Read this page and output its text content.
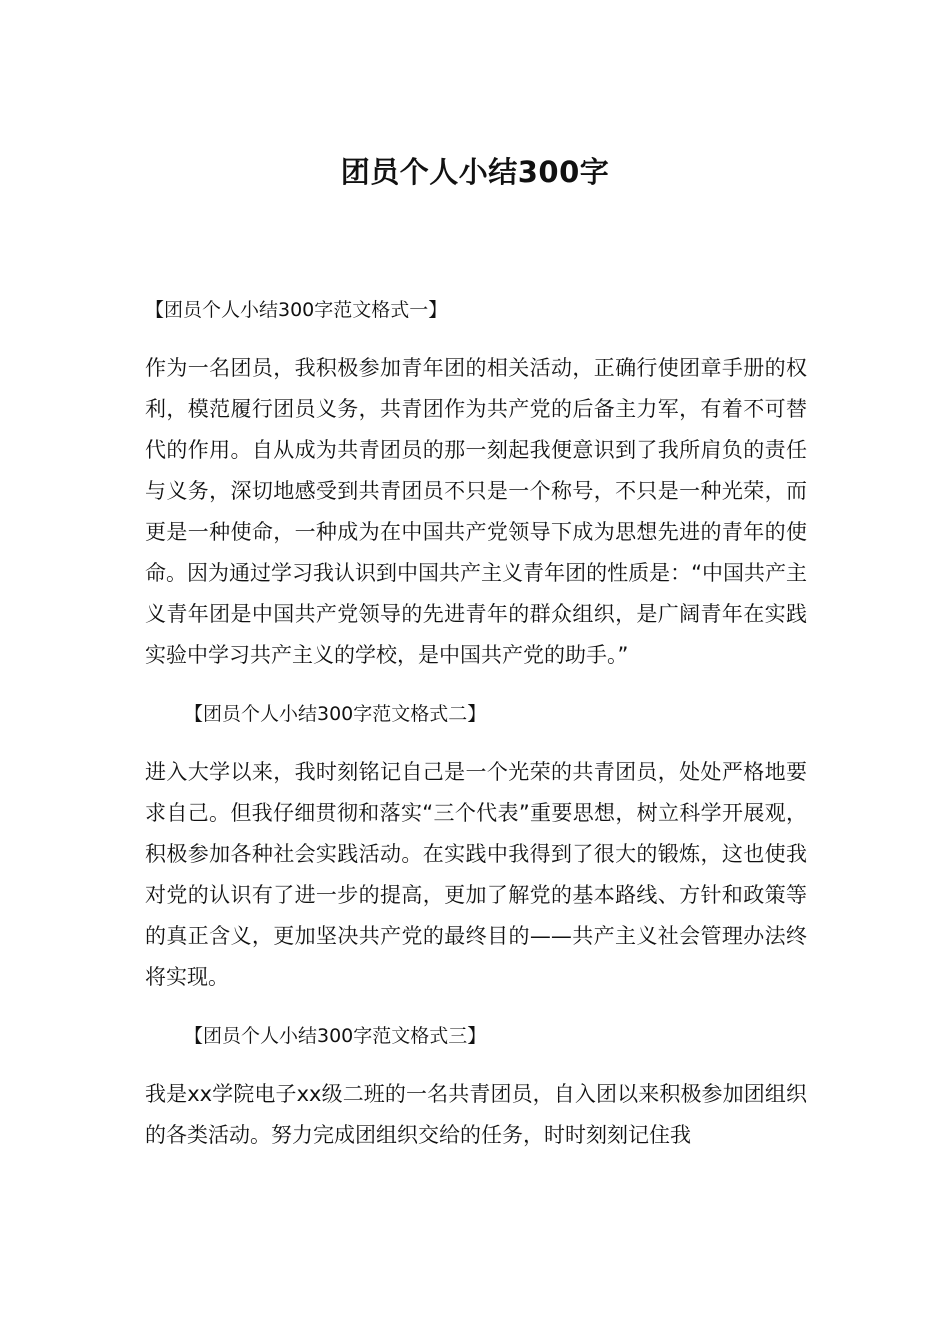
团员个人小结300字
【团员个人小结300字范文格式一】

作为一名团员，我积极参加青年团的相关活动，正确行使团章手册的权利，模范履行团员义务，共青团作为共产党的后备主力军，有着不可替代的作用。自从成为共青团员的那一刻起我便意识到了我所肩负的责任与义务，深切地感受到共青团员不只是一个称号，不只是一种光荣，而更是一种使命，一种成为在中国共产党领导下成为思想先进的青年的使命。因为通过学习我认识到中国共产主义青年团的性质是：“中国共产主义青年团是中国共产党领导的先进青年的群众组织，是广阔青年在实践实验中学习共产主义的学校，是中国共产党的助手。”

【团员个人小结300字范文格式二】

进入大学以来，我时刻铭记自己是一个光荣的共青团员，处处严格地要求自己。但我仔细贯彻和落实“三个代表”重要思想，树立科学开展观，积极参加各种社会实践活动。在实践中我得到了很大的锻炼，这也使我对党的认识有了进一步的提高，更加了解党的基本路线、方针和政策等的真正含义，更加坚决共产党的最终目的——共产主义社会管理办法终将实现。

【团员个人小结300字范文格式三】

我是xx学院电子xx级二班的一名共青团员，自入团以来积极参加团组织的各类活动。努力完成团组织交给的任务，时时刻刻记住我
